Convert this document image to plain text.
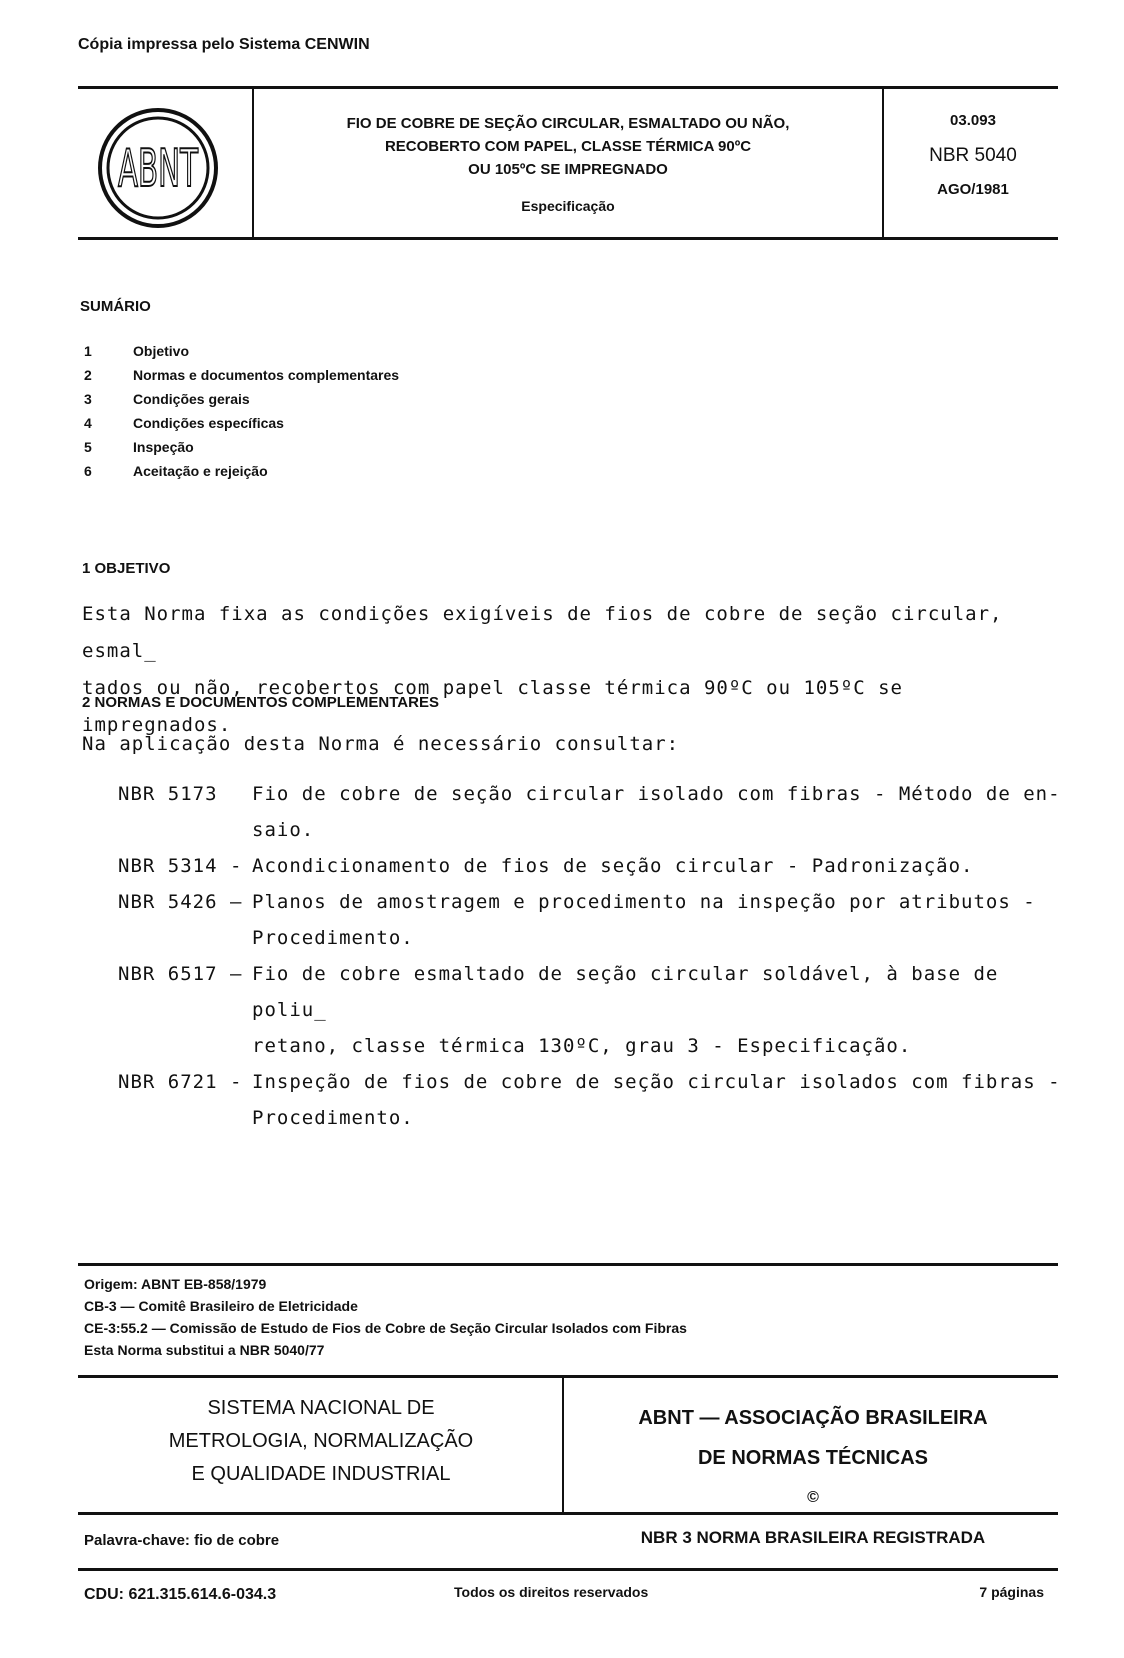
Cópia impressa pelo Sistema CENWIN
ABNT
FIO DE COBRE DE SEÇÃO CIRCULAR, ESMALTADO OU NÃO,
RECOBERTO COM PAPEL, CLASSE TÉRMICA 90ºC
OU 105ºC SE IMPREGNADO
Especificação
03.093
NBR 5040
AGO/1981
SUMÁRIO
1	Objetivo
2	Normas e documentos complementares
3	Condições gerais
4	Condições específicas
5	Inspeção
6	Aceitação e rejeição
1 OBJETIVO
Esta Norma fixa as condições exigíveis de fios de cobre de seção circular, esmal_
tados ou não, recobertos com papel classe térmica 90ºC ou 105ºC se impregnados.
2 NORMAS E DOCUMENTOS COMPLEMENTARES
Na aplicação desta Norma é necessário consultar:
NBR 5173	Fio de cobre de seção circular isolado com fibras - Método de en-
saio.
NBR 5314 - Acondicionamento de fios de seção circular - Padronização.
NBR 5426 — Planos de amostragem e procedimento na inspeção por atributos -
Procedimento.
NBR 6517 — Fio de cobre esmaltado de seção circular soldável, à base de poliu_
retano, classe térmica 130ºC, grau 3 - Especificação.
NBR 6721 - Inspeção de fios de cobre de seção circular isolados com fibras -
Procedimento.
Origem: ABNT EB-858/1979
CB-3 — Comitê Brasileiro de Eletricidade
CE-3:55.2 — Comissão de Estudo de Fios de Cobre de Seção Circular Isolados com Fibras
Esta Norma substitui a NBR 5040/77
SISTEMA NACIONAL DE
METROLOGIA, NORMALIZAÇÃO
E QUALIDADE INDUSTRIAL
ABNT — ASSOCIAÇÃO BRASILEIRA
DE NORMAS TÉCNICAS
©
Palavra-chave: fio de cobre	NBR 3 NORMA BRASILEIRA REGISTRADA
CDU: 621.315.614.6-034.3	Todos os direitos reservados	7 páginas
